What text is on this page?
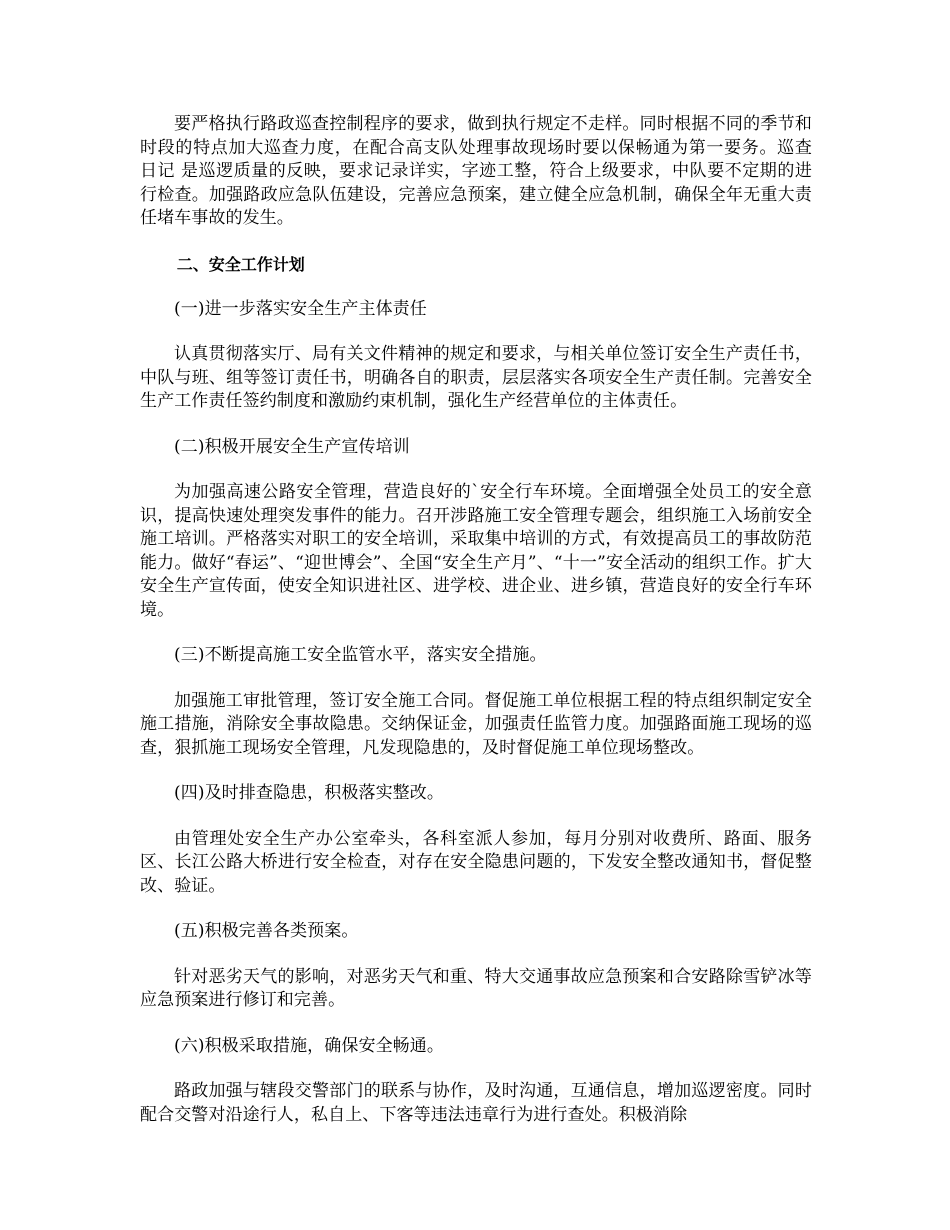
要严格执行路政巡查控制程序的要求，做到执行规定不走样。同时根据不同的季节和时段的特点加大巡查力度，在配合高支队处理事故现场时要以保畅通为第一要务。巡查 日记 是巡逻质量的反映，要求记录详实，字迹工整，符合上级要求，中队要不定期的进行检查。加强路政应急队伍建设，完善应急预案，建立健全应急机制，确保全年无重大责任堵车事故的发生。

二、安全工作计划

(一)进一步落实安全生产主体责任

认真贯彻落实厅、局有关文件精神的规定和要求，与相关单位签订安全生产责任书，中队与班、组等签订责任书，明确各自的职责，层层落实各项安全生产责任制。完善安全生产工作责任签约制度和激励约束机制，强化生产经营单位的主体责任。

(二)积极开展安全生产宣传培训

为加强高速公路安全管理，营造良好的`安全行车环境。全面增强全处员工的安全意识，提高快速处理突发事件的能力。召开涉路施工安全管理专题会，组织施工入场前安全施工培训。严格落实对职工的安全培训，采取集中培训的方式，有效提高员工的事故防范能力。做好“春运”、“迎世博会”、全国“安全生产月”、“十一”安全活动的组织工作。扩大安全生产宣传面，使安全知识进社区、进学校、进企业、进乡镇，营造良好的安全行车环境。

(三)不断提高施工安全监管水平，落实安全措施。

加强施工审批管理，签订安全施工合同。督促施工单位根据工程的特点组织制定安全施工措施，消除安全事故隐患。交纳保证金，加强责任监管力度。加强路面施工现场的巡查，狠抓施工现场安全管理，凡发现隐患的，及时督促施工单位现场整改。

(四)及时排查隐患，积极落实整改。

由管理处安全生产办公室牵头，各科室派人参加，每月分别对收费所、路面、服务区、长江公路大桥进行安全检查，对存在安全隐患问题的，下发安全整改通知书，督促整改、验证。

(五)积极完善各类预案。

针对恶劣天气的影响，对恶劣天气和重、特大交通事故应急预案和合安路除雪铲冰等应急预案进行修订和完善。

(六)积极采取措施，确保安全畅通。

路政加强与辖段交警部门的联系与协作，及时沟通，互通信息，增加巡逻密度。同时配合交警对沿途行人，私自上、下客等违法违章行为进行查处。积极消除
